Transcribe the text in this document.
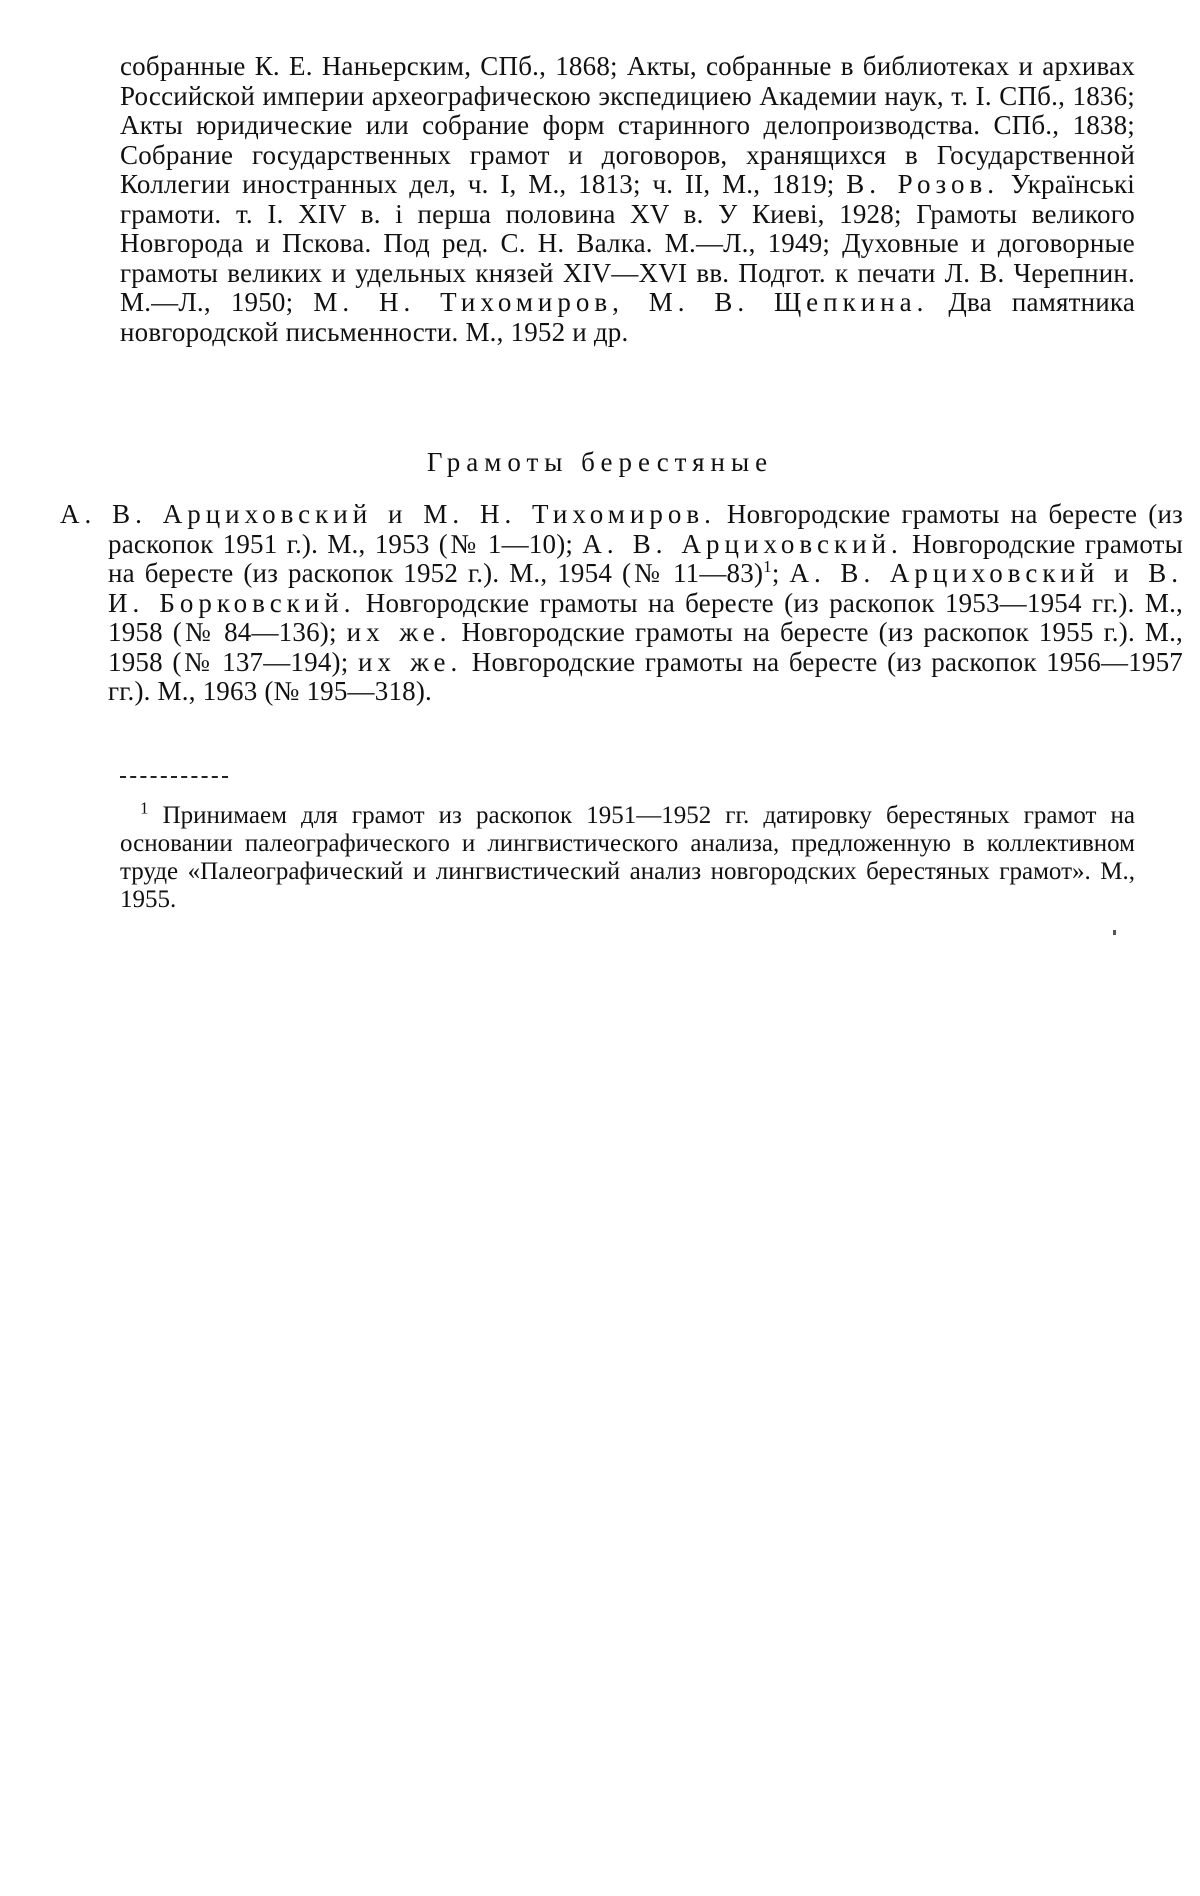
собранные К. Е. Наньерским, СПб., 1868; Акты, собранные в библиотеках и архивах Российской империи археографическою экспедициею Академии наук, т. I. СПб., 1836; Акты юридические или собрание форм старинного делопроизводства. СПб., 1838; Собрание государственных грамот и договоров, хранящихся в Государственной Коллегии иностранных дел, ч. I, М., 1813; ч. II, М., 1819; В. Розов. Українськi грамоти. т. I. XIV в. i перша половина XV в. У Киевi, 1928; Грамоты великого Новгорода и Пскова. Под ред. С. Н. Валка. М.—Л., 1949; Духовные и договорные грамоты великих и удельных князей XIV—XVI вв. Подгот. к печати Л. В. Черепнин. М.—Л., 1950; М. Н. Тихомиров, М. В. Щепкина. Два памятника новгородской письменности. М., 1952 и др.
Грамоты берестяные
А. В. Арциховский и М. Н. Тихомиров. Новгородские грамоты на бересте (из раскопок 1951 г.). М., 1953 (№ 1—10); А. В. Арциховский. Новгородские грамоты на бересте (из раскопок 1952 г.). М., 1954 (№ 11—83)$^1$; А. В. Арциховский и В. И. Борковский. Новгородские грамоты на бересте (из раскопок 1953—1954 гг.). М., 1958 (№ 84—136); их же. Новгородские грамоты на бересте (из раскопок 1955 г.). М., 1958 (№ 137—194); их же. Новгородские грамоты на бересте (из раскопок 1956—1957 гг.). М., 1963 (№ 195—318).
$^1$ Принимаем для грамот из раскопок 1951—1952 гг. датировку берестяных грамот на основании палеографического и лингвистического анализа, предложенную в коллективном труде «Палеографический и лингвистический анализ новгородских берестяных грамот». М., 1955.
